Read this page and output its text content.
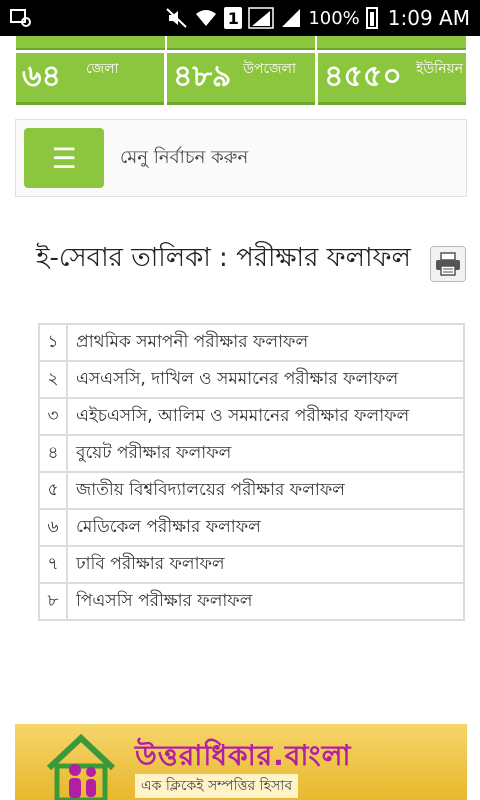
1	100% 1:09 AM
৬৪ জেলা ৪৮৯ উপজেলা ৪৫৫০ ইউনিয়ন
☰ মেনু নির্বাচন করুন
ই-সেবার তালিকা : পরীক্ষার ফলাফল
১	প্রাথমিক সমাপনী পরীক্ষার ফলাফল
২	এসএসসি, দাখিল ও সমমানের পরীক্ষার ফলাফল
৩	এইচএসসি, আলিম ও সমমানের পরীক্ষার ফলাফল
৪	বুয়েট পরীক্ষার ফলাফল
৫	জাতীয় বিশ্ববিদ্যালয়ের পরীক্ষার ফলাফল
৬	মেডিকেল পরীক্ষার ফলাফল
৭	ঢাবি পরীক্ষার ফলাফল
৮	পিএসসি পরীক্ষার ফলাফল
উত্তরাধিকার.বাংলা
এক ক্লিকেই সম্পত্তির হিসাব
